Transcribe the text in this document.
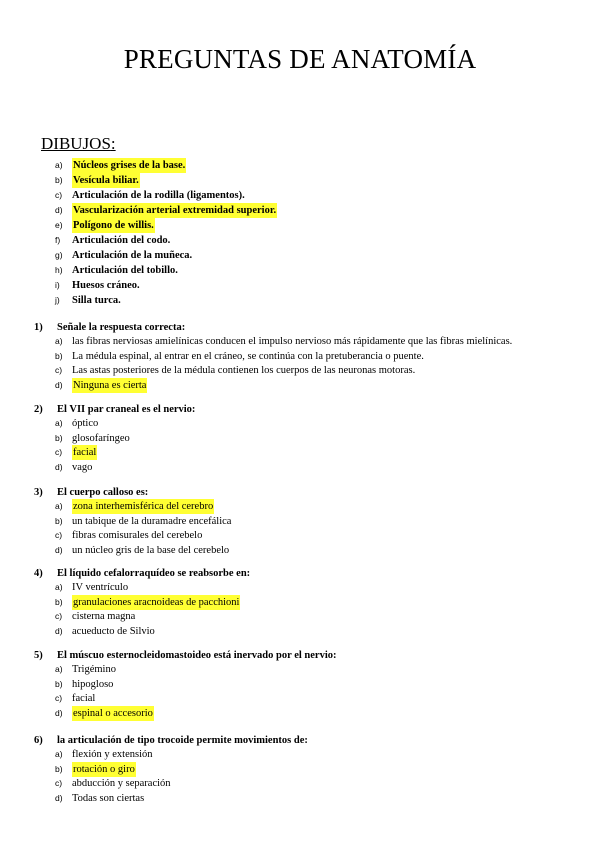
PREGUNTAS DE ANATOMÍA
DIBUJOS:
a) Núcleos grises de la base.
b) Vesícula biliar.
c) Articulación de la rodilla (ligamentos).
d) Vascularización arterial extremidad superior.
e) Polígono de willis.
f)	Articulación del codo.
g) Articulación de la muñeca.
h) Articulación del tobillo.
i)	Huesos cráneo.
j)	Silla turca.
1) Señale la respuesta correcta:
a) las fibras nerviosas amielínicas conducen el impulso nervioso más rápidamente que las fibras mielínicas.
b) La médula espinal, al entrar en el cráneo, se continúa con la pretuberancia o puente.
c) Las astas posteriores de la médula contienen los cuerpos de las neuronas motoras.
d) Ninguna es cierta
2) El VII par craneal es el nervio:
a) óptico
b) glosofaríngeo
c)	facial
d) vago
3) El cuerpo calloso es:
a) zona interhemisférica del cerebro
b) un tabique de la duramadre encefálica
c) fibras comisurales del cerebelo
d) un núcleo gris de la base del cerebelo
4) El líquido cefalorraquídeo se reabsorbe en:
a) IV ventrículo
b) granulaciones aracnoideas de pacchioni
c) cisterna magna
d) acueducto de Silvio
5) El múscuo esternocleidomastoideo está inervado por el nervio:
a) Trigémino
b) hipogloso
c) facial
d) espinal o accesorio
6) la articulación de tipo trocoide permite movimientos de:
a) flexión y extensión
b) rotación o giro
c) abducción y separación
d) Todas son ciertas
